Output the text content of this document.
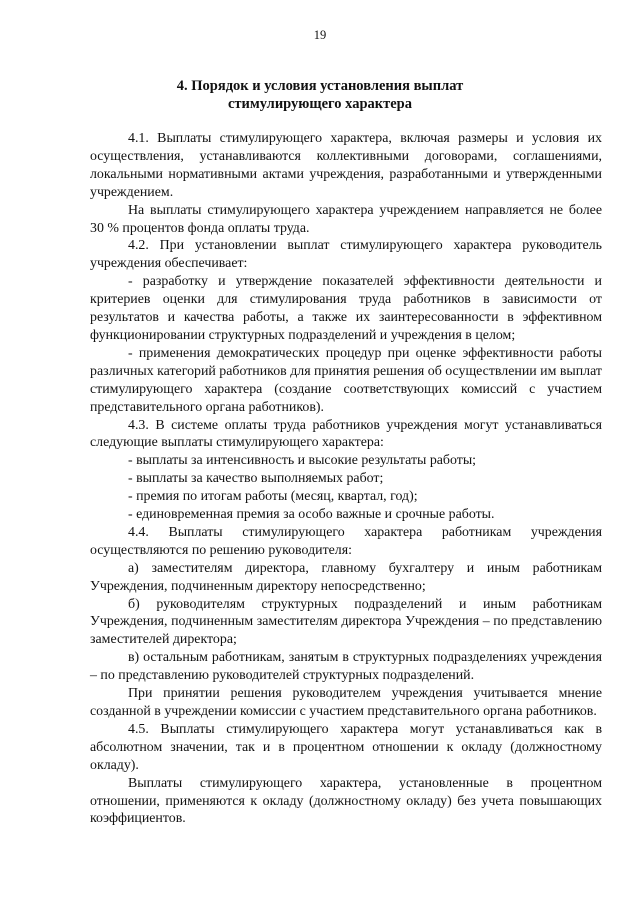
19
4. Порядок и условия установления выплат
стимулирующего характера

4.1. Выплаты стимулирующего характера, включая размеры и условия их осуществления, устанавливаются коллективными договорами, соглашениями, локальными нормативными актами учреждения, разработанными и утвержденными учреждением.

На выплаты стимулирующего характера учреждением направляется не более 30 % процентов фонда оплаты труда.

4.2. При установлении выплат стимулирующего характера руководитель учреждения обеспечивает:

- разработку и утверждение показателей эффективности деятельности и критериев оценки для стимулирования труда работников в зависимости от результатов и качества работы, а также их заинтересованности в эффективном функционировании структурных подразделений и учреждения в целом;

- применения демократических процедур при оценке эффективности работы различных категорий работников для принятия решения об осуществлении им выплат стимулирующего характера (создание соответствующих комиссий с участием представительного органа работников).

4.3. В системе оплаты труда работников учреждения могут устанавливаться следующие выплаты стимулирующего характера:

- выплаты за интенсивность и высокие результаты работы;

- выплаты за качество выполняемых работ;

- премия по итогам работы (месяц, квартал, год);

- единовременная премия за особо важные и срочные работы.

4.4. Выплаты стимулирующего характера работникам учреждения осуществляются по решению руководителя:

а) заместителям директора, главному бухгалтеру и иным работникам Учреждения, подчиненным директору непосредственно;

б) руководителям структурных подразделений и иным работникам Учреждения, подчиненным заместителям директора Учреждения – по представлению заместителей директора;

в) остальным работникам, занятым в структурных подразделениях учреждения – по представлению руководителей структурных подразделений.

При принятии решения руководителем учреждения учитывается мнение созданной в учреждении комиссии с участием представительного органа работников.

4.5. Выплаты стимулирующего характера могут устанавливаться как в абсолютном значении, так и в процентном отношении к окладу (должностному окладу).

Выплаты стимулирующего характера, установленные в процентном отношении, применяются к окладу (должностному окладу) без учета повышающих коэффициентов.
